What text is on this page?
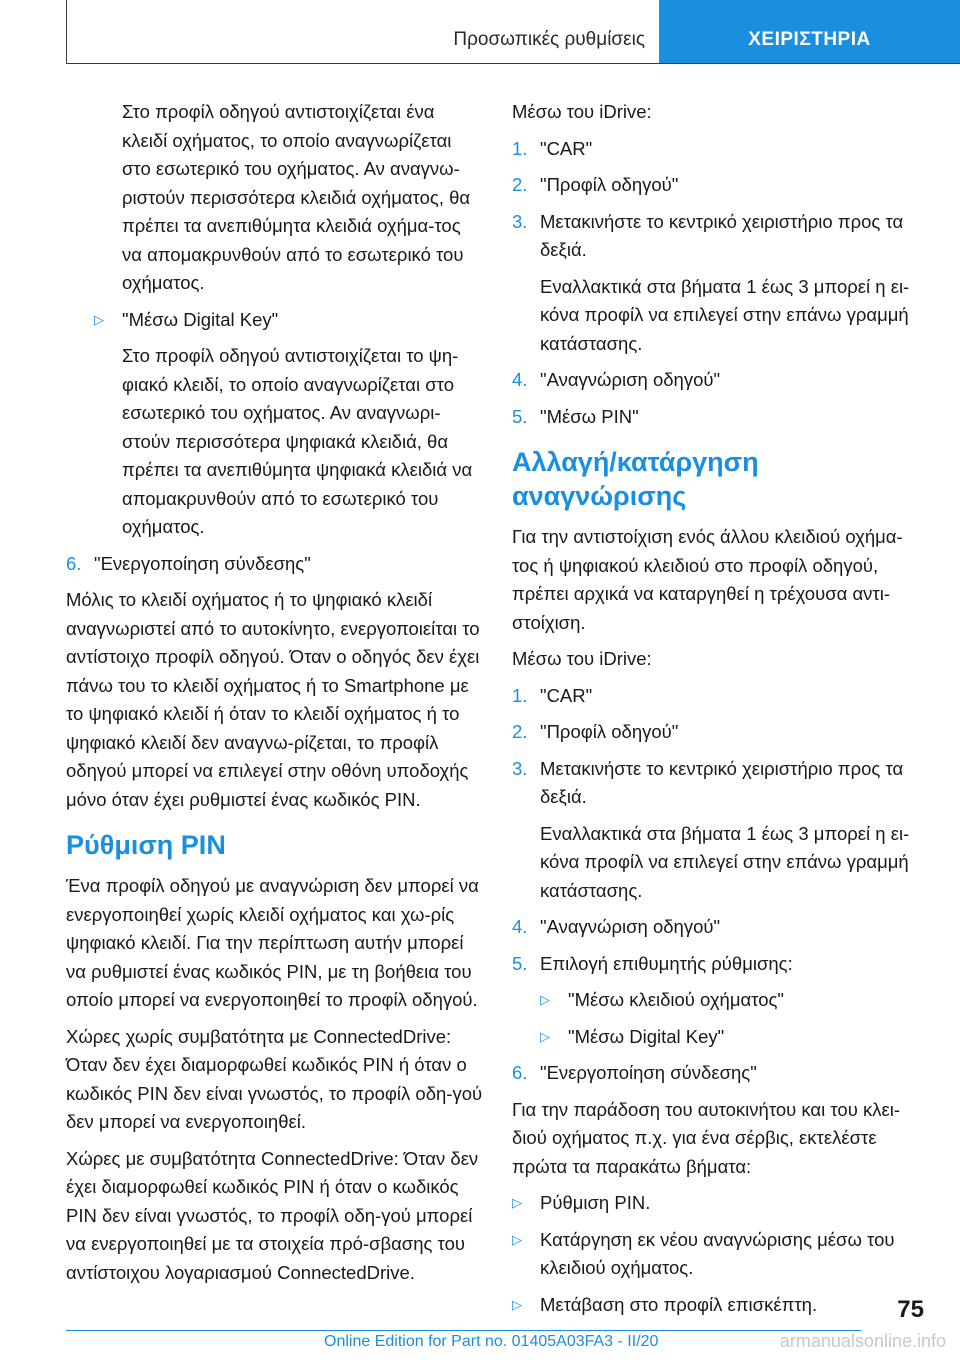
Προσωπικές ρυθμίσεις	ΧΕΙΡΙΣΤΗΡΙΑ

Στο προφίλ οδηγού αντιστοιχίζεται ένα κλειδί οχήματος, το οποίο αναγνωρίζεται στο εσωτερικό του οχήματος. Αν αναγνω‐ριστούν περισσότερα κλειδιά οχήματος, θα πρέπει τα ανεπιθύμητα κλειδιά οχήμα‐τος να απομακρυνθούν από το εσωτερικό του οχήματος.

▷ "Μέσω Digital Key"

Στο προφίλ οδηγού αντιστοιχίζεται το ψη‐φιακό κλειδί, το οποίο αναγνωρίζεται στο εσωτερικό του οχήματος. Αν αναγνωρι‐στούν περισσότερα ψηφιακά κλειδιά, θα πρέπει τα ανεπιθύμητα ψηφιακά κλειδιά να απομακρυνθούν από το εσωτερικό του οχήματος.

6. "Ενεργοποίηση σύνδεσης"

Μόλις το κλειδί οχήματος ή το ψηφιακό κλειδί αναγνωριστεί από το αυτοκίνητο, ενεργοποιείται το αντίστοιχο προφίλ οδηγού. Όταν ο οδηγός δεν έχει πάνω του το κλειδί οχήματος ή το Smartphone με το ψηφιακό κλειδί ή όταν το κλειδί οχήματος ή το ψηφιακό κλειδί δεν αναγνω‐ρίζεται, το προφίλ οδηγού μπορεί να επιλεγεί στην οθόνη υποδοχής μόνο όταν έχει ρυθμιστεί ένας κωδικός PIN.

Ρύθμιση PIN

Ένα προφίλ οδηγού με αναγνώριση δεν μπορεί να ενεργοποιηθεί χωρίς κλειδί οχήματος και χω‐ρίς ψηφιακό κλειδί. Για την περίπτωση αυτήν μπορεί να ρυθμιστεί ένας κωδικός PIN, με τη βοήθεια του οποίο μπορεί να ενεργοποιηθεί το προφίλ οδηγού.

Χώρες χωρίς συμβατότητα με ConnectedDrive: Όταν δεν έχει διαμορφωθεί κωδικός PIN ή όταν ο κωδικός PIN δεν είναι γνωστός, το προφίλ οδη‐γού δεν μπορεί να ενεργοποιηθεί.

Χώρες με συμβατότητα ConnectedDrive: Όταν δεν έχει διαμορφωθεί κωδικός PIN ή όταν ο κωδικός PIN δεν είναι γνωστός, το προφίλ οδη‐γού μπορεί να ενεργοποιηθεί με τα στοιχεία πρό‐σβασης του αντίστοιχου λογαριασμού ConnectedDrive.

Μέσω του iDrive:

1. "CAR"
2. "Προφίλ οδηγού"
3. Μετακινήστε το κεντρικό χειριστήριο προς τα δεξιά.

Εναλλακτικά στα βήματα 1 έως 3 μπορεί η ει‐κόνα προφίλ να επιλεγεί στην επάνω γραμμή κατάστασης.

4. "Αναγνώριση οδηγού"
5. "Μέσω PIN"
Αλλαγή/κατάργηση αναγνώρισης

Για την αντιστοίχιση ενός άλλου κλειδιού οχήμα‐τος ή ψηφιακού κλειδιού στο προφίλ οδηγού, πρέπει αρχικά να καταργηθεί η τρέχουσα αντι‐στοίχιση.

Μέσω του iDrive:

1. "CAR"
2. "Προφίλ οδηγού"
3. Μετακινήστε το κεντρικό χειριστήριο προς τα δεξιά.

Εναλλακτικά στα βήματα 1 έως 3 μπορεί η ει‐κόνα προφίλ να επιλεγεί στην επάνω γραμμή κατάστασης.

4. "Αναγνώριση οδηγού"
5. Επιλογή επιθυμητής ρύθμισης:
▷ "Μέσω κλειδιού οχήματος"
▷ "Μέσω Digital Key"
6. "Ενεργοποίηση σύνδεσης"

Για την παράδοση του αυτοκινήτου και του κλει‐διού οχήματος π.χ. για ένα σέρβις, εκτελέστε πρώτα τα παρακάτω βήματα:

▷ Ρύθμιση PIN.
▷ Κατάργηση εκ νέου αναγνώρισης μέσω του κλειδιού οχήματος.
▷ Μετάβαση στο προφίλ επισκέπτη.	75
Online Edition for Part no. 01405A03FA3 - II/20	armanualsonline.info
